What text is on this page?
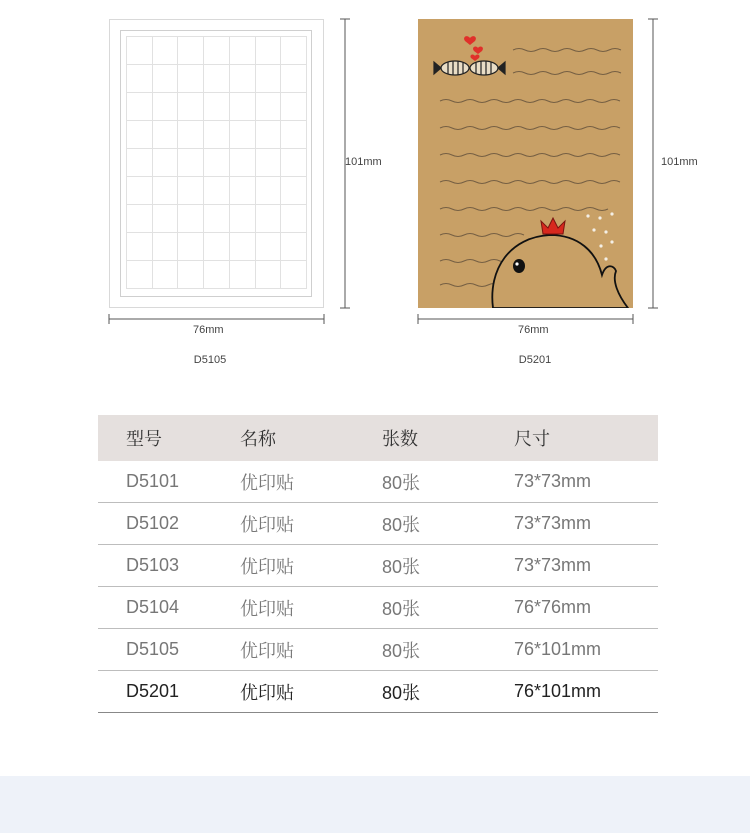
76mm
101mm
D5105
76mm
101mm
D5201
型号	名称	张数	尺寸
D5101	优印贴	80张	73*73mm
D5102	优印贴	80张	73*73mm
D5103	优印贴	80张	73*73mm
D5104	优印贴	80张	76*76mm
D5105	优印贴	80张	76*101mm
D5201	优印贴	80张	76*101mm
